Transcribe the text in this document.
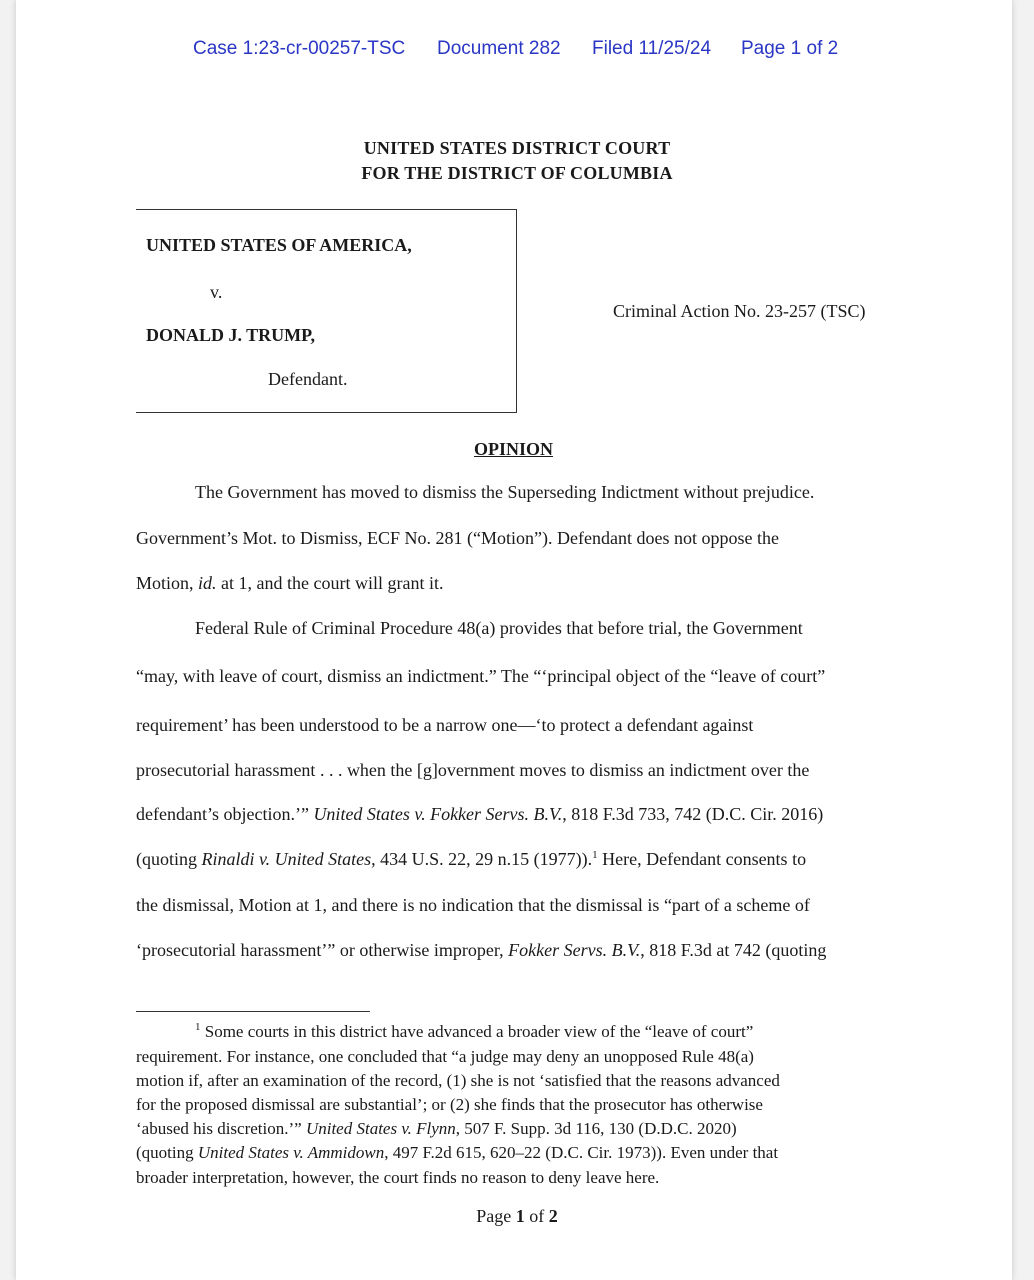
Case 1:23-cr-00257-TSC Document 282 Filed 11/25/24 Page 1 of 2
UNITED STATES DISTRICT COURT
FOR THE DISTRICT OF COLUMBIA
UNITED STATES OF AMERICA,
v.
DONALD J. TRUMP,
Defendant.
Criminal Action No. 23-257 (TSC)
OPINION
The Government has moved to dismiss the Superseding Indictment without prejudice.
Government’s Mot. to Dismiss, ECF No. 281 (“Motion”). Defendant does not oppose the
Motion, id. at 1, and the court will grant it.
Federal Rule of Criminal Procedure 48(a) provides that before trial, the Government
“may, with leave of court, dismiss an indictment.” The “‘principal object of the “leave of court”
requirement’ has been understood to be a narrow one—‘to protect a defendant against
prosecutorial harassment . . . when the [g]overnment moves to dismiss an indictment over the
defendant’s objection.’” United States v. Fokker Servs. B.V., 818 F.3d 733, 742 (D.C. Cir. 2016)
(quoting Rinaldi v. United States, 434 U.S. 22, 29 n.15 (1977)).$^1$ Here, Defendant consents to
the dismissal, Motion at 1, and there is no indication that the dismissal is “part of a scheme of
‘prosecutorial harassment’” or otherwise improper, Fokker Servs. B.V., 818 F.3d at 742 (quoting
$^1$ Some courts in this district have advanced a broader view of the “leave of court”
requirement. For instance, one concluded that “a judge may deny an unopposed Rule 48(a)
motion if, after an examination of the record, (1) she is not ‘satisfied that the reasons advanced
for the proposed dismissal are substantial’; or (2) she finds that the prosecutor has otherwise
‘abused his discretion.’” United States v. Flynn, 507 F. Supp. 3d 116, 130 (D.D.C. 2020)
(quoting United States v. Ammidown, 497 F.2d 615, 620–22 (D.C. Cir. 1973)). Even under that
broader interpretation, however, the court finds no reason to deny leave here.
Page 1 of 2
